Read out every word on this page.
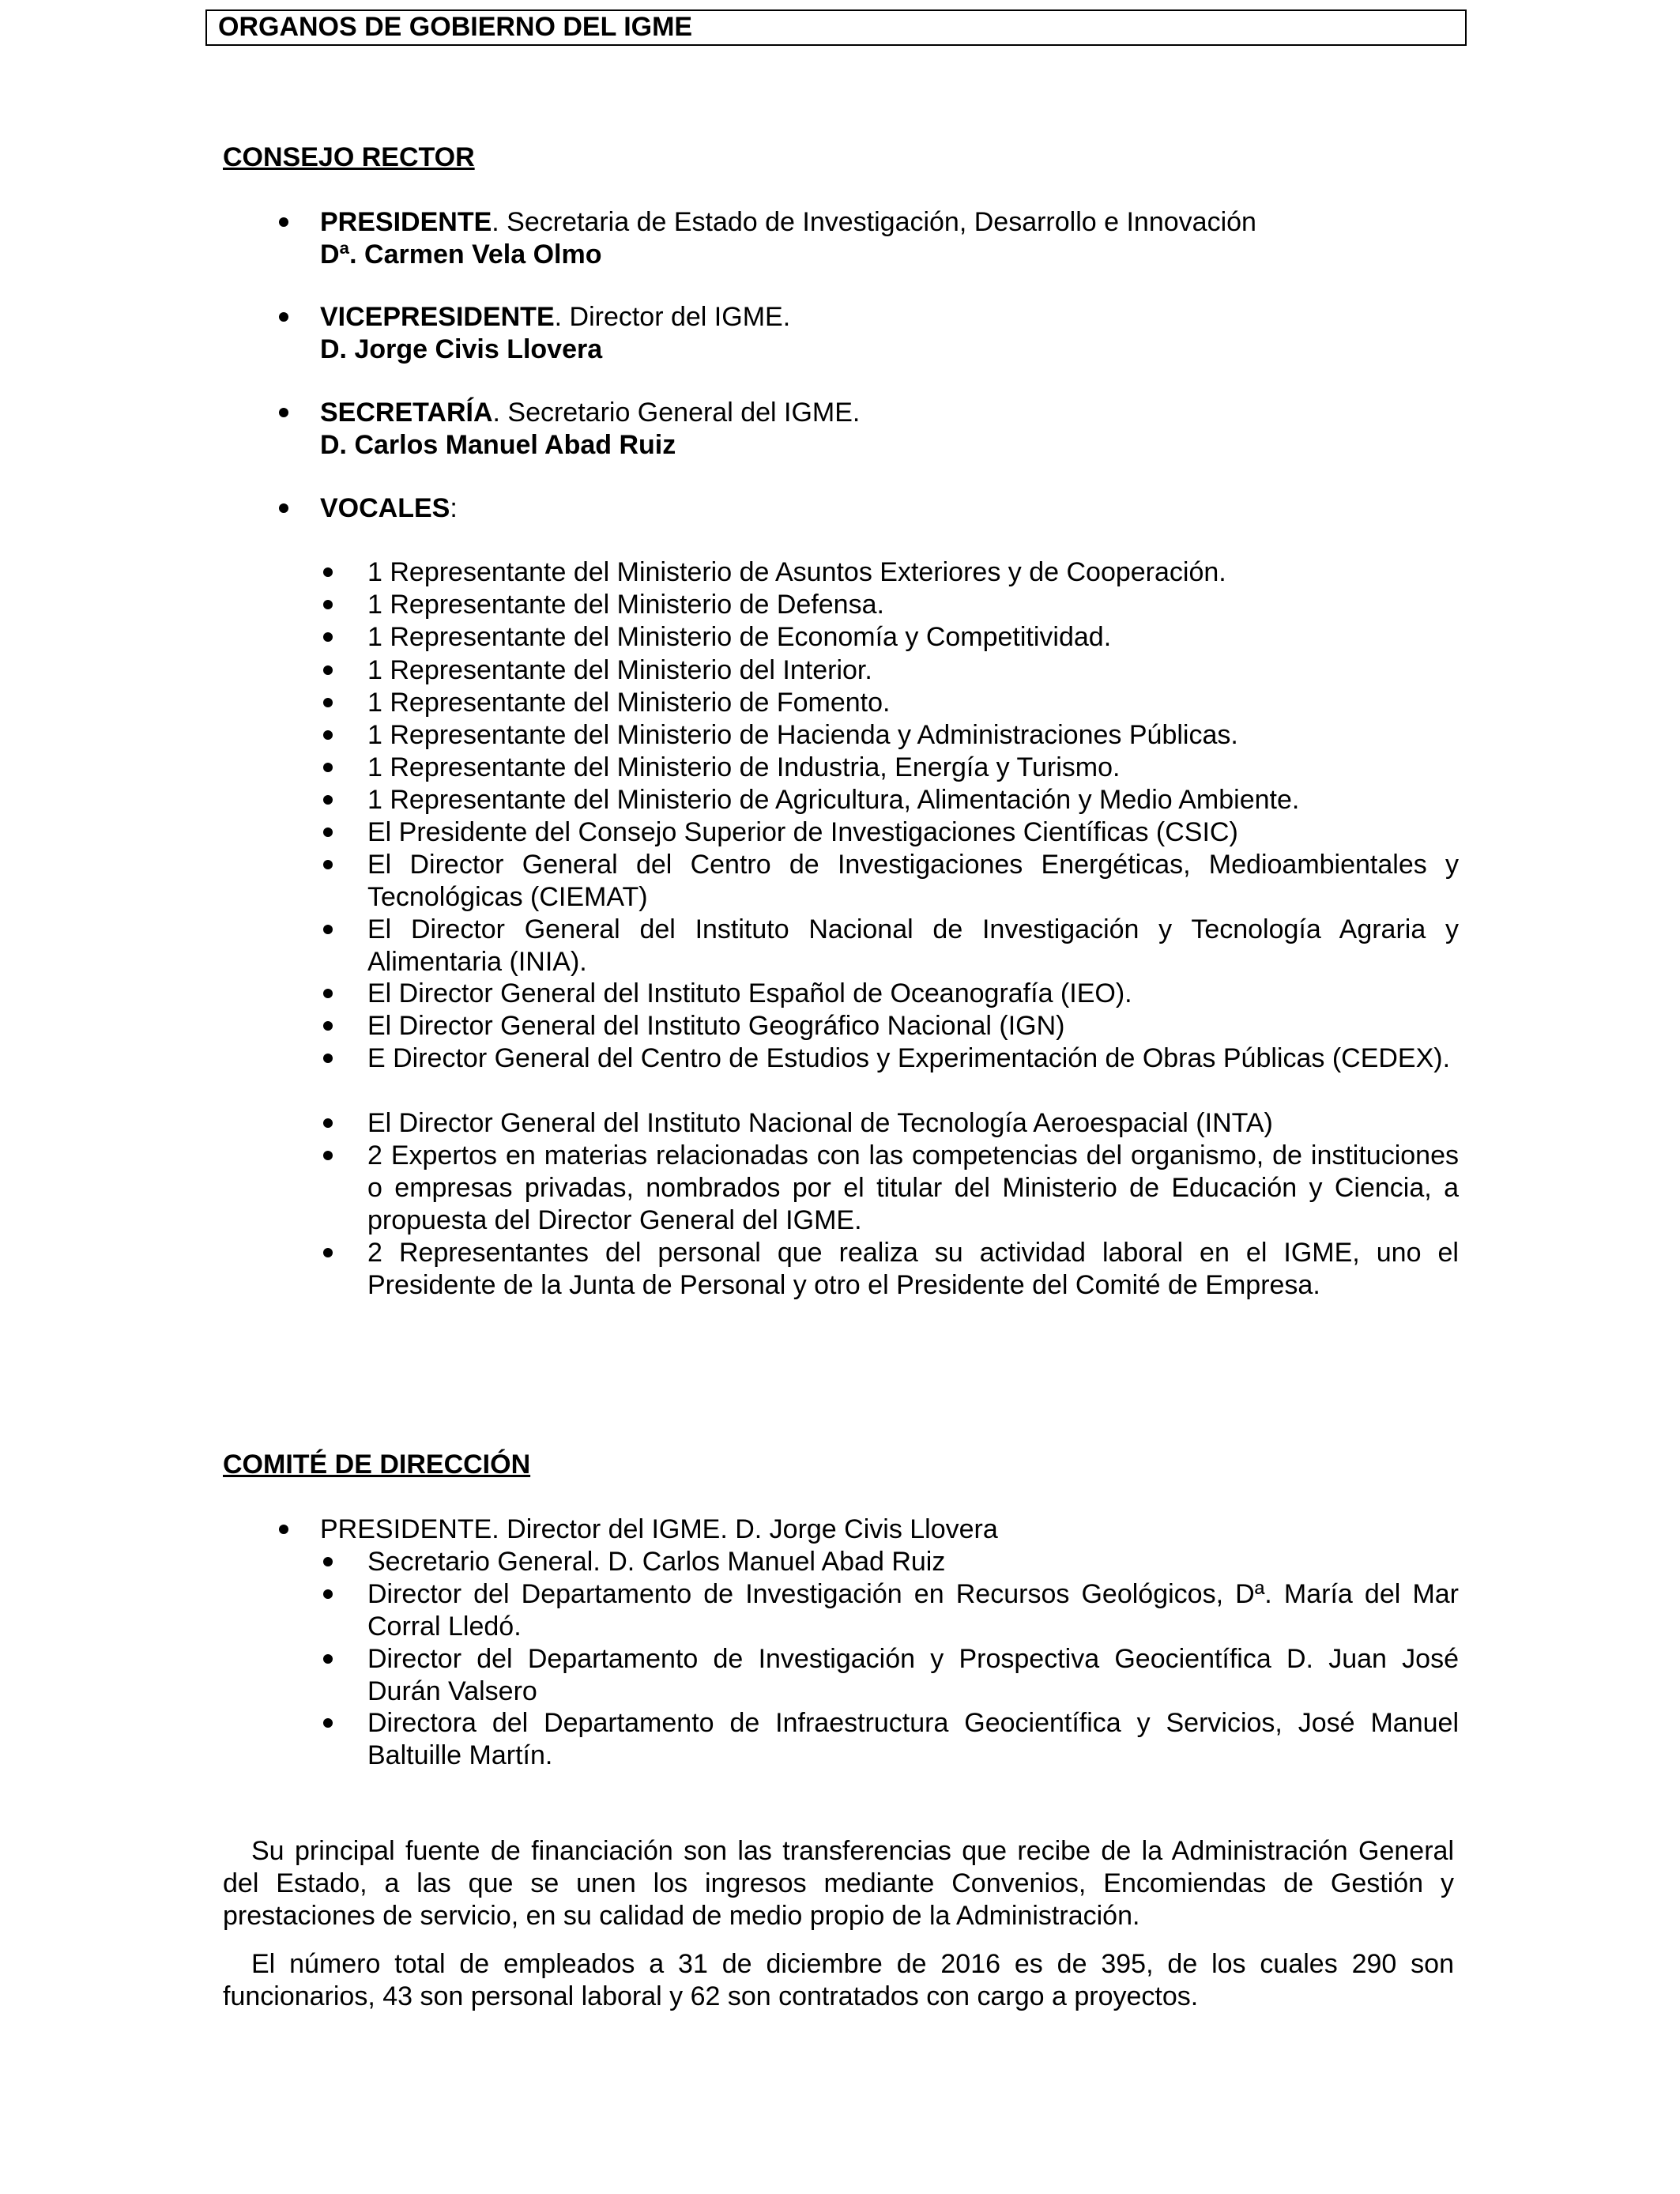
ORGANOS DE GOBIERNO DEL IGME
CONSEJO RECTOR
PRESIDENTE. Secretaria de Estado de Investigación, Desarrollo e Innovación
Dª. Carmen Vela Olmo
VICEPRESIDENTE. Director del IGME.
D. Jorge Civis Llovera
SECRETARÍA. Secretario General del IGME.
D. Carlos Manuel Abad Ruiz
VOCALES:
1 Representante del Ministerio de Asuntos Exteriores y de Cooperación.
1 Representante del Ministerio de Defensa.
1 Representante del Ministerio de Economía y Competitividad.
1 Representante del Ministerio del Interior.
1 Representante del Ministerio de Fomento.
1 Representante del Ministerio de Hacienda y Administraciones Públicas.
1 Representante del Ministerio de Industria, Energía y Turismo.
1 Representante del Ministerio de Agricultura, Alimentación y Medio Ambiente.
El Presidente del Consejo Superior de Investigaciones Científicas (CSIC)
El Director General del Centro de Investigaciones Energéticas, Medioambientales y Tecnológicas (CIEMAT)
El Director General del Instituto Nacional de Investigación y Tecnología Agraria y Alimentaria (INIA).
El Director General del Instituto Español de Oceanografía (IEO).
El Director General del Instituto Geográfico Nacional (IGN)
E Director General del Centro de Estudios y Experimentación de Obras Públicas (CEDEX).
El Director General del Instituto Nacional de Tecnología Aeroespacial (INTA)
2 Expertos en materias relacionadas con las competencias del organismo, de instituciones o empresas privadas, nombrados por el titular del Ministerio de Educación y Ciencia, a propuesta del Director General del IGME.
2 Representantes del personal que realiza su actividad laboral en el IGME, uno el Presidente de la Junta de Personal y otro el Presidente del Comité de Empresa.
COMITÉ DE DIRECCIÓN
PRESIDENTE. Director del IGME. D. Jorge Civis Llovera
Secretario General. D. Carlos Manuel Abad Ruiz
Director del Departamento de Investigación en Recursos Geológicos, Dª. María del Mar Corral Lledó.
Director del Departamento de Investigación y Prospectiva Geocientífica D. Juan José Durán Valsero
Directora del Departamento de Infraestructura Geocientífica y Servicios, José Manuel Baltuille Martín.
Su principal fuente de financiación son las transferencias que recibe de la Administración General del Estado, a las que se unen los ingresos mediante Convenios, Encomiendas de Gestión y prestaciones de servicio, en su calidad de medio propio de la Administración.
El número total de empleados a 31 de diciembre de 2016 es de 395, de los cuales 290 son funcionarios, 43 son personal laboral y 62 son contratados con cargo a proyectos.
